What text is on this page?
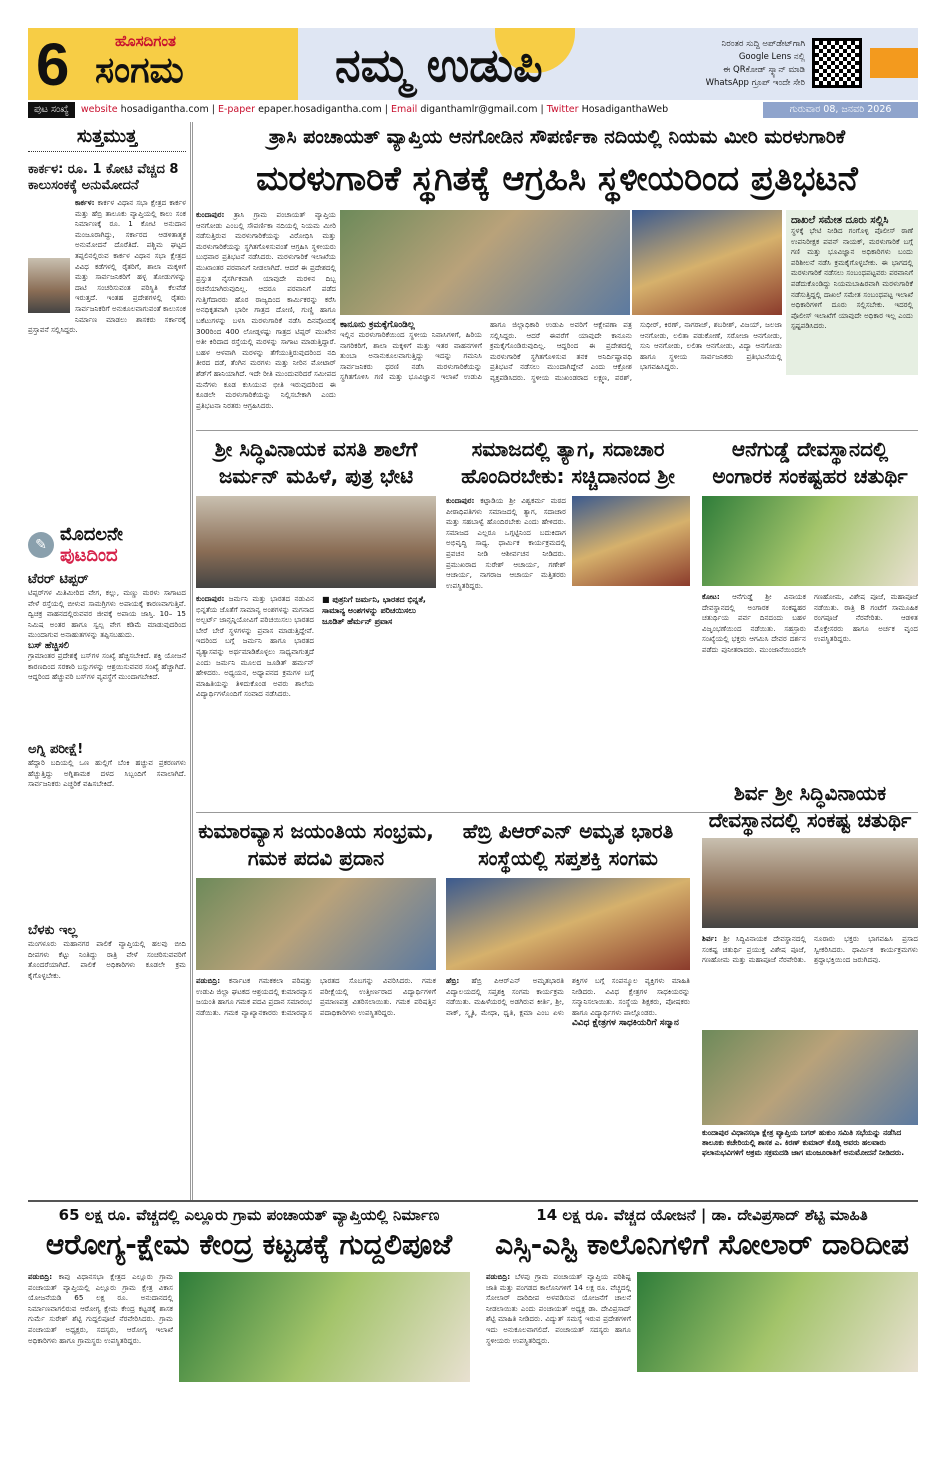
6	ಹೊಸದಿಗಂತ
ಸಂಗಮ	ನಮ್ಮ ಉಡುಪಿ	ನಿರಂತರ ಸುದ್ದಿ ಅಪ್‌ಡೇಟ್‌ಗಾಗಿ
Google Lens ನಲ್ಲಿ
ಈ QRಕೋಡ್ ಸ್ಕ್ಯಾನ್ ಮಾಡಿ
WhatsApp ಗ್ರೂಪ್ ಇಂದೇ ಸೇರಿ
ಪುಟ ಸಂಖ್ಯೆ	website hosadigantha.com | E-paper epaper.hosadigantha.com | Email diganthamlr@gmail.com | Twitter HosadiganthaWeb	ಗುರುವಾರ 08, ಜನವರಿ 2026
ಸುತ್ತಮುತ್ತ
ಕಾರ್ಕಳ: ರೂ. 1 ಕೋಟಿ ವೆಚ್ಚದ 8 ಕಾಲುಸಂಕಕ್ಕೆ ಅನುಮೋದನೆ
ಕಾರ್ಕಳ: ಕಾರ್ಕಳ ವಿಧಾನ ಸಭಾ ಕ್ಷೇತ್ರದ ಕಾರ್ಕಳ ಮತ್ತು ಹೆಬ್ರಿ ತಾಲೂಕು ವ್ಯಾಪ್ತಿಯಲ್ಲಿ ಕಾಲು ಸಂಕ ನಿರ್ಮಾಣಕ್ಕೆ ರೂ. 1 ಕೋಟಿ ಅನುದಾನ ಮಂಜೂರಾಗಿದ್ದು, ಸರ್ಕಾರದ ಆಡಳಿತಾತ್ಮಕ ಅನುಮೋದನೆ ದೊರೆತಿದೆ. ಪಶ್ಚಿಮ ಘಟ್ಟದ ತಪ್ಪಲಿನಲ್ಲಿರುವ ಕಾರ್ಕಳ ವಿಧಾನ ಸಭಾ ಕ್ಷೇತ್ರದ ವಿವಿಧ ಕಡೆಗಳಲ್ಲಿ ರೈತರಿಗೆ, ಶಾಲಾ ಮಕ್ಕಳಿಗೆ ಮತ್ತು ಸಾರ್ವಜನಿಕರಿಗೆ ಹಳ್ಳ ತೋಡುಗಳನ್ನು ದಾಟಿ ಸಂಚರಿಸುವಂತ ಪರಿಸ್ಥಿತಿ ಕೆಲವೆಡೆ ಇರುತ್ತದೆ. ಇಂತಹ ಪ್ರದೇಶಗಳಲ್ಲಿ ರೈತರು ಸಾರ್ವಜನಿಕರಿಗೆ ಅನುಕೂಲವಾಗುವಂತೆ ಕಾಲುಸಂಕ ನಿರ್ಮಾಣ ಮಾಡಲು ಶಾಸಕರು ಸರ್ಕಾರಕ್ಕೆ ಪ್ರಸ್ತಾವನೆ ಸಲ್ಲಿಸಿದ್ದರು.
✎ ಮೊದಲನೇ
ಪುಟದಿಂದ
ಟೆರರ್ ಟಿಪ್ಪರ್
ಟಿಪ್ಪರ್‌ಗಳ ಮಿತಿಮೀರಿದ ವೇಗ, ಕಲ್ಲು, ಮಣ್ಣು ಮರಳು ಸಾಗಾಟದ ವೇಳೆ ರಸ್ತೆಯಲ್ಲಿ ಬೀಳುವ ಸಾಮಗ್ರಿಗಳು ಅಪಾಯಕ್ಕೆ ಕಾರಣವಾಗುತ್ತಿವೆ. ದ್ವಿಚಕ್ರ ವಾಹನದಲ್ಲಿರುವವರ ಜೀವಕ್ಕೆ ಅಪಾಯ ಜಾಸ್ತಿ. 10– 15 ನಿಮಿಷ ಅಂತರ ಹಾಗೂ ಸ್ವಲ್ಪ ವೇಗ ಕಡಿಮೆ ಮಾಡುವುದರಿಂದ ಮುಂದಾಗುವ ಅನಾಹುತಗಳನ್ನು ತಪ್ಪಿಸಬಹುದು.
ಬಸ್ ಹೆಚ್ಚಿಸಲಿ
ಗ್ರಾಮಾಂತರ ಪ್ರದೇಶಕ್ಕೆ ಬಸ್‌ಗಳ ಸಂಖ್ಯೆ ಹೆಚ್ಚಿಸಬೇಕಿದೆ. ಶಕ್ತಿ ಯೋಜನೆ ಕಾರಣದಿಂದ ಸರಕಾರಿ ಬಸ್ಸುಗಳನ್ನು ಆಶ್ರಯಿಸುವವರ ಸಂಖ್ಯೆ ಹೆಚ್ಚಾಗಿದೆ. ಆದ್ದರಿಂದ ಹೆಚ್ಚುವರಿ ಬಸ್‌ಗಳ ವ್ಯವಸ್ಥೆಗೆ ಮುಂದಾಗಬೇಕಿದೆ.
ಅಗ್ನಿ ಪರೀಕ್ಷೆ!
ಹೆದ್ದಾರಿ ಬದಿಯಲ್ಲಿ ಒಣ ಹುಲ್ಲಿಗೆ ಬೆಂಕಿ ಹಚ್ಚುವ ಪ್ರಕರಣಗಳು ಹೆಚ್ಚುತ್ತಿದ್ದು ಅಗ್ನಿಶಾಮಕ ದಳದ ಸಿಬ್ಬಂದಿಗೆ ಸವಾಲಾಗಿದೆ. ಸಾರ್ವಜನಿಕರು ಎಚ್ಚರಿಕೆ ವಹಿಸಬೇಕಿದೆ.
ಬೆಳಕು ಇಲ್ಲ
ಮಂಗಳೂರು ಮಹಾನಗರ ಪಾಲಿಕೆ ವ್ಯಾಪ್ತಿಯಲ್ಲಿ ಹಲವು ಬೀದಿ ದೀಪಗಳು ಕೆಟ್ಟು ನಿಂತಿದ್ದು ರಾತ್ರಿ ವೇಳೆ ಸಂಚರಿಸುವವರಿಗೆ ತೊಂದರೆಯಾಗಿದೆ. ಪಾಲಿಕೆ ಅಧಿಕಾರಿಗಳು ಕೂಡಲೇ ಕ್ರಮ ಕೈಗೊಳ್ಳಬೇಕು.
ತ್ರಾಸಿ ಪಂಚಾಯತ್ ವ್ಯಾಪ್ತಿಯ ಆನಗೋಡಿನ ಸೌಪರ್ಣಿಕಾ ನದಿಯಲ್ಲಿ ನಿಯಮ ಮೀರಿ ಮರಳುಗಾರಿಕೆ
ಮರಳುಗಾರಿಕೆ ಸ್ಥಗಿತಕ್ಕೆ ಆಗ್ರಹಿಸಿ ಸ್ಥಳೀಯರಿಂದ ಪ್ರತಿಭಟನೆ
ಕುಂದಾಪುರ: ತ್ರಾಸಿ ಗ್ರಾಮ ಪಂಚಾಯತ್ ವ್ಯಾಪ್ತಿಯ ಆನಗೋಡು ಎಂಬಲ್ಲಿ ಸೌಪರ್ಣಿಕಾ ನದಿಯಲ್ಲಿ ನಿಯಮ ಮೀರಿ ನಡೆಸುತ್ತಿರುವ ಮರಳುಗಾರಿಕೆಯನ್ನು ವಿರೋಧಿಸಿ ಮತ್ತು ಮರಳುಗಾರಿಕೆಯನ್ನು ಸ್ಥಗಿತಗೊಳಿಸುವಂತೆ ಆಗ್ರಹಿಸಿ ಸ್ಥಳೀಯರು ಬುಧವಾರ ಪ್ರತಿಭಟನೆ ನಡೆಸಿದರು. ಮರಳುಗಾರಿಕೆ ಇಲಾಖೆಯ ಮುಖಾಂತರ ಪರವಾನಿಗೆ ನೀಡಲಾಗಿದೆ. ಆದರೆ ಈ ಪ್ರದೇಶದಲ್ಲಿ ಪ್ರಸ್ತುತ ನೈಸರ್ಗಿಕವಾಗಿ ಯಾವುದೇ ಮರಳಿನ ದಿಬ್ಬ ರಚನೆಯಾಗಿರುವುದಿಲ್ಲ. ಆದರೂ ಪರವಾನಿಗೆ ಪಡೆದ ಗುತ್ತಿಗೆದಾರರು ಹೊರ ರಾಜ್ಯದಿಂದ ಕಾರ್ಮಿಕರನ್ನು ಕರೆಸಿ ಅನಧಿಕೃತವಾಗಿ ಭಾರೀ ಗಾತ್ರದ ದೋಣಿ, ಗುಣ್ಣಿ ಹಾಗೂ ಬಕೆಟುಗಳನ್ನು ಬಳಸಿ ಮರಳುಗಾರಿಕೆ ನಡೆಸಿ ದಿನವೊಂದಕ್ಕೆ 300ರಿಂದ 400 ಲೋಡ್ಗಳಷ್ಟು ಗಾತ್ರದ ಟಿಪ್ಪರ್ ಮುಖೇನ ಅತೀ ಕಿರಿದಾದ ರಸ್ತೆಯಲ್ಲಿ ಮರಳನ್ನು ಸಾಗಾಟ ಮಾಡುತ್ತಿದ್ದಾರೆ. ಬಹಳ ಆಳವಾಗಿ ಮರಳನ್ನು ತೆಗೆಯುತ್ತಿರುವುದರಿಂದ ನದಿ ತೀರದ ದಡೆ, ತೆಂಗಿನ ಮರಗಳು ಮತ್ತು ನೀರಿನ ಮೋಟಾರ್ ಶೆಡ್‌ಗೆ ಹಾನಿಯಾಗಿದೆ. ಇದೇ ರೀತಿ ಮುಂದುವರಿದರೆ ಸಮೀಪದ ಮನೆಗಳು ಕೂಡ ಕುಸಿಯುವ ಭೀತಿ ಇರುವುದರಿಂದ ಈ ಕೂಡಲೇ ಮರಳುಗಾರಿಕೆಯನ್ನು ನಿಲ್ಲಿಸಬೇಕಾಗಿ ಎಂದು ಪ್ರತಿಭಟನಾ ನಿರತರು ಆಗ್ರಹಿಸಿದರು.
ಕಾನೂನು ಕ್ರಮಕ್ಕೆಗೊಂಡಿಲ್ಲ
ಇಲ್ಲಿನ ಮರಳುಗಾರಿಕೆಯಿಂದ ಸ್ಥಳೀಯ ನಿವಾಸಿಗಳಿಗೆ, ಹಿರಿಯ ನಾಗರಿಕರಿಗೆ, ಶಾಲಾ ಮಕ್ಕಳಿಗೆ ಮತ್ತು ಇತರ ವಾಹನಗಳಿಗೆ ತುಂಬಾ ಅನಾನುಕೂಲವಾಗುತ್ತಿದ್ದು ಇದನ್ನು ಗಮನಿಸಿ ಸಾರ್ವಜನಿಕರು ಧರಣಿ ನಡೆಸಿ ಮರಳುಗಾರಿಕೆಯನ್ನು ಸ್ಥಗಿತಗೊಳಿಸಿ ಗಣಿ ಮತ್ತು ಭೂವಿಜ್ಞಾನ ಇಲಾಖೆ ಉಡುಪಿ ಹಾಗೂ ಜಿಲ್ಲಾಧಿಕಾರಿ ಉಡುಪಿ ಅವರಿಗೆ ಆಕ್ಷೇಪಣಾ ಪತ್ರ ಸಲ್ಲಿಸಿದ್ದರು. ಆದರೆ ಈವರೆಗೆ ಯಾವುದೇ ಕಾನೂನು ಕ್ರಮಕೈಗೊಂಡಿರುವುದಿಲ್ಲ. ಆದ್ದರಿಂದ ಈ ಪ್ರದೇಶದಲ್ಲಿ ಮರಳುಗಾರಿಕೆ ಸ್ಥಗಿತಗೊಳಿಸುವ ತನಕ ಅನಿರ್ದಿಷ್ಟಾವಧಿ ಪ್ರತಿಭಟನೆ ನಡೆಸಲು ಮುಂದಾಗಿದ್ದೇವೆ ಎಂದು ಆಕ್ರೋಶ ವ್ಯಕ್ತಪಡಿಸಿದರು. ಸ್ಥಳೀಯ ಮುಖಂಡರಾದ ಲಕ್ಷ್ಮಣ, ಪರಶ್, ಸುಧೀರ್, ಕಿರಣ್, ನಾಗರಾಜ್, ಶಬರೀಶ್, ವಿಜಯ್, ಜಲಜಾ ಆನಗೋಡು, ಲಲಿತಾ ಪಡುಕೋಣೆ, ಸರೋಜಾ ಆನಗೋಡು, ಸುನಿ ಆನಗೋಡು, ಲಲಿತಾ ಆನಗೋಡು, ವಿದ್ಯಾ ಆನಗೋಡು ಹಾಗೂ ಸ್ಥಳೀಯ ಸಾರ್ವಜನಿಕರು ಪ್ರತಿಭಟನೆಯಲ್ಲಿ ಭಾಗವಹಿಸಿದ್ದರು.
ದಾಖಲೆ ಸಮೇತ ದೂರು ಸಲ್ಲಿಸಿ
ಸ್ಥಳಕ್ಕೆ ಭೇಟಿ ನೀಡಿದ ಗಂಗೊಳ್ಳಿ ಪೊಲೀಸ್ ಠಾಣೆ ಉಪನಿರೀಕ್ಷಕ ಪವನ್ ನಾಯಕ್, ಮರಳುಗಾರಿಕೆ ಬಗ್ಗೆ ಗಣಿ ಮತ್ತು ಭೂವಿಜ್ಞಾನ ಅಧಿಕಾರಿಗಳು ಬಂದು ಪರಿಶೀಲನೆ ನಡೆಸಿ ಕ್ರಮಕೈಗೊಳ್ಳಬೇಕು. ಈ ಭಾಗದಲ್ಲಿ ಮರಳುಗಾರಿಕೆ ನಡೆಸಲು ಸಂಬಂಧಪಟ್ಟವರು ಪರವಾನಿಗೆ ಪಡೆದುಕೊಂಡಿದ್ದು ನಿಯಮಬಾಹಿರವಾಗಿ ಮರಳುಗಾರಿಕೆ ನಡೆಸುತ್ತಿದ್ದಲ್ಲಿ ದಾಖಲೆ ಸಮೇತ ಸಂಬಂಧಪಟ್ಟ ಇಲಾಖೆ ಅಧಿಕಾರಿಗಳಿಗೆ ದೂರು ಸಲ್ಲಿಸಬೇಕು. ಇದರಲ್ಲಿ ಪೊಲೀಸ್ ಇಲಾಖೆಗೆ ಯಾವುದೇ ಅಧಿಕಾರ ಇಲ್ಲ ಎಂದು ಸ್ಪಷ್ಟಪಡಿಸಿದರು.
ಶ್ರೀ ಸಿದ್ಧಿವಿನಾಯಕ ವಸತಿ ಶಾಲೆಗೆ ಜರ್ಮನ್ ಮಹಿಳೆ, ಪುತ್ರ ಭೇಟಿ
ಕುಂದಾಪುರ: ಜರ್ಮನಿ ಮತ್ತು ಭಾರತದ ನಡುವಿನ ಭಿನ್ನತೆಯ ಜೊತೆಗೆ ಸಾಮಾನ್ಯ ಅಂಶಗಳನ್ನು ಮಗನಾದ ಅಲ್ಬರ್ಟ್ ಜಾನ್ಸನ್ನಿಯೋವಿಗೆ ಪರಿಚಯಿಸಲು ಭಾರತದ ಬೇರೆ ಬೇರೆ ಸ್ಥಳಗಳನ್ನು ಪ್ರವಾಸ ಮಾಡುತ್ತಿದ್ದೇವೆ. ಇದರಿಂದ ಬಗ್ಗೆ ಜರ್ಮನಿ ಹಾಗೂ ಭಾರತದ ವ್ಯತ್ಯಾಸವನ್ನು ಅರ್ಥಮಾಡಿಕೊಳ್ಳಲು ಸಾಧ್ಯವಾಗುತ್ತದೆ ಎಂದು ಜರ್ಮನಿ ಮೂಲದ ಜೂಡಿತ್ ಹರ್ಮನ್ ಹೇಳಿದರು. ಅಧ್ಯಯನ, ಅಧ್ಯಾಪನದ ಕ್ರಮಗಳ ಬಗ್ಗೆ ಮಾಹಿತಿಯನ್ನು ತಿಳಿದುಕೊಂಡ ಅವರು ಶಾಲೆಯ ವಿದ್ಯಾರ್ಥಿಗಳೊಂದಿಗೆ ಸಂವಾದ ನಡೆಸಿದರು.
■ ಪುತ್ರನಿಗೆ ಜರ್ಮನಿ, ಭಾರತದ ಭಿನ್ನತೆ, ಸಾಮಾನ್ಯ ಅಂಶಗಳನ್ನು ಪರಿಚಯಿಸಲು ಜೂಡಿತ್ ಹೆರ್ಮನ್ ಪ್ರವಾಸ
ಸಮಾಜದಲ್ಲಿ ತ್ಯಾಗ, ಸದಾಚಾರ ಹೊಂದಿರಬೇಕು: ಸಚ್ಚಿದಾನಂದ ಶ್ರೀ
ಕುಂದಾಪುರ: ಕಟ್ಪಾಡಿಯ ಶ್ರೀ ವಿಶ್ವಕರ್ಮ ಮಠದ ಪೀಠಾಧಿಪತಿಗಳು ಸಮಾಜದಲ್ಲಿ ತ್ಯಾಗ, ಸದಾಚಾರ ಮತ್ತು ಸಹಬಾಳ್ವೆ ಹೊಂದಿರಬೇಕು ಎಂದು ಹೇಳಿದರು. ಸಮಾಜದ ಎಲ್ಲರೂ ಒಗ್ಗಟ್ಟಿನಿಂದ ಬದುಕಿದಾಗ ಅಭಿವೃದ್ಧಿ ಸಾಧ್ಯ. ಧಾರ್ಮಿಕ ಕಾರ್ಯಕ್ರಮದಲ್ಲಿ ಪ್ರವಚನ ನೀಡಿ ಆಶೀರ್ವಚನ ನೀಡಿದರು. ಪ್ರಮುಖರಾದ ಸುರೇಶ್ ಆಚಾರ್ಯ, ಗಣೇಶ್ ಆಚಾರ್ಯ, ನಾಗರಾಜ ಆಚಾರ್ಯ ಮತ್ತಿತರರು ಉಪಸ್ಥಿತರಿದ್ದರು.
ಆನೆಗುಡ್ಡೆ ದೇವಸ್ಥಾನದಲ್ಲಿ ಅಂಗಾರಕ ಸಂಕಷ್ಟಹರ ಚತುರ್ಥಿ
ಕೋಟ: ಆನೆಗುಡ್ಡೆ ಶ್ರೀ ವಿನಾಯಕ ದೇವಸ್ಥಾನದಲ್ಲಿ ಅಂಗಾರಕ ಸಂಕಷ್ಟಹರ ಚತುರ್ಥಿಯ ಪರ್ವ ದಿನದಂದು ಬಹಳ ವಿಜೃಂಭಣೆಯಿಂದ ನಡೆಯಿತು. ಸಹಸ್ರಾರು ಸಂಖ್ಯೆಯಲ್ಲಿ ಭಕ್ತರು ಆಗಮಿಸಿ ದೇವರ ದರ್ಶನ ಪಡೆದು ಪುನೀತರಾದರು. ಮುಂಜಾನೆಯಿಂದಲೇ ಗಣಹೋಮ, ವಿಶೇಷ ಪೂಜೆ, ಮಹಾಪೂಜೆ ನಡೆಯಿತು. ರಾತ್ರಿ 8 ಗಂಟೆಗೆ ಸಾಮೂಹಿಕ ರಂಗಪೂಜೆ ನೆರವೇರಿತು. ಆಡಳಿತ ಮೊಕ್ತೇಸರರು ಹಾಗೂ ಅರ್ಚಕ ವೃಂದ ಉಪಸ್ಥಿತರಿದ್ದರು.
ಕುಮಾರವ್ಯಾಸ ಜಯಂತಿಯ ಸಂಭ್ರಮ, ಗಮಕ ಪದವಿ ಪ್ರದಾನ
ಪಡುಬಿದ್ರಿ: ಕರ್ನಾಟಕ ಗಮಕಕಲಾ ಪರಿಷತ್ತು ಉಡುಪಿ ಜಿಲ್ಲಾ ಘಟಕದ ಆಶ್ರಯದಲ್ಲಿ ಕುಮಾರವ್ಯಾಸ ಜಯಂತಿ ಹಾಗೂ ಗಮಕ ಪದವಿ ಪ್ರದಾನ ಸಮಾರಂಭ ನಡೆಯಿತು. ಗಮಕ ವ್ಯಾಖ್ಯಾನಕಾರರು ಕುಮಾರವ್ಯಾಸ ಭಾರತದ ಸೊಬಗನ್ನು ವಿವರಿಸಿದರು. ಗಮಕ ಪರೀಕ್ಷೆಯಲ್ಲಿ ಉತ್ತೀರ್ಣರಾದ ವಿದ್ಯಾರ್ಥಿಗಳಿಗೆ ಪ್ರಮಾಣಪತ್ರ ವಿತರಿಸಲಾಯಿತು. ಗಮಕ ಪರಿಷತ್ತಿನ ಪದಾಧಿಕಾರಿಗಳು ಉಪಸ್ಥಿತರಿದ್ದರು.
ಹೆಬ್ರಿ ಪಿಆರ್‌ಎನ್ ಅಮೃತ ಭಾರತಿ ಸಂಸ್ಥೆಯಲ್ಲಿ ಸಪ್ತಶಕ್ತಿ ಸಂಗಮ
ಹೆಬ್ರಿ: ಹೆಬ್ರಿ ಪಿಆರ್‌ಎನ್ ಅಮೃತಭಾರತಿ ವಿದ್ಯಾಲಯದಲ್ಲಿ ಸಪ್ತಶಕ್ತಿ ಸಂಗಮ ಕಾರ್ಯಕ್ರಮ ನಡೆಯಿತು. ಮಹಿಳೆಯರಲ್ಲಿ ಅಡಗಿರುವ ಕೀರ್ತಿ, ಶ್ರೀ, ವಾಕ್, ಸ್ಮೃತಿ, ಮೇಧಾ, ಧೃತಿ, ಕ್ಷಮಾ ಎಂಬ ಏಳು ಶಕ್ತಿಗಳ ಬಗ್ಗೆ ಸಂಪನ್ಮೂಲ ವ್ಯಕ್ತಿಗಳು ಮಾಹಿತಿ ನೀಡಿದರು. ವಿವಿಧ ಕ್ಷೇತ್ರಗಳ ಸಾಧಕಿಯರನ್ನು ಸನ್ಮಾನಿಸಲಾಯಿತು. ಸಂಸ್ಥೆಯ ಶಿಕ್ಷಕರು, ಪೋಷಕರು ಹಾಗೂ ವಿದ್ಯಾರ್ಥಿಗಳು ಪಾಲ್ಗೊಂಡರು.
ವಿವಿಧ ಕ್ಷೇತ್ರಗಳ ಸಾಧಕಿಯರಿಗೆ ಸನ್ಮಾನ
ಶಿರ್ವ ಶ್ರೀ ಸಿದ್ಧಿವಿನಾಯಕ ದೇವಸ್ಥಾನದಲ್ಲಿ ಸಂಕಷ್ಟ ಚತುರ್ಥಿ
ಶಿರ್ವ: ಶ್ರೀ ಸಿದ್ಧಿವಿನಾಯಕ ದೇವಸ್ಥಾನದಲ್ಲಿ ಸಂಕಷ್ಟ ಚತುರ್ಥಿ ಪ್ರಯುಕ್ತ ವಿಶೇಷ ಪೂಜೆ, ಗಣಹೋಮ ಮತ್ತು ಮಹಾಪೂಜೆ ನೆರವೇರಿತು. ನೂರಾರು ಭಕ್ತರು ಭಾಗವಹಿಸಿ ಪ್ರಸಾದ ಸ್ವೀಕರಿಸಿದರು. ಧಾರ್ಮಿಕ ಕಾರ್ಯಕ್ರಮಗಳು ಶ್ರದ್ಧಾಭಕ್ತಿಯಿಂದ ಜರುಗಿದವು.
ಕುಂದಾಪುರ ವಿಧಾನಸಭಾ ಕ್ಷೇತ್ರ ವ್ಯಾಪ್ತಿಯ ಬಗರ್ ಹುಕುಂ ಸಮಿತಿ ಸಭೆಯನ್ನು ನಡೆಸಿದ ತಾಲೂಕು ಕಚೇರಿಯಲ್ಲಿ ಶಾಸಕ ಎ. ಕಿರಣ್ ಕುಮಾರ್ ಕೊಡ್ಗಿ ಅವರು ಹಲವಾರು ಫಲಾನುಭವಿಗಳಿಗೆ ಅಕ್ರಮ ಸಕ್ರಮದಡಿ ಜಾಗ ಮಂಜೂರಾತಿಗೆ ಅನುಮೋದನೆ ನೀಡಿದರು.
65 ಲಕ್ಷ ರೂ. ವೆಚ್ಚದಲ್ಲಿ ಎಲ್ಲೂರು ಗ್ರಾಮ ಪಂಚಾಯತ್ ವ್ಯಾಪ್ತಿಯಲ್ಲಿ ನಿರ್ಮಾಣ
ಆರೋಗ್ಯ-ಕ್ಷೇಮ ಕೇಂದ್ರ ಕಟ್ಟಡಕ್ಕೆ ಗುದ್ದಲಿಪೂಜೆ
ಪಡುಬಿದ್ರಿ: ಕಾಪು ವಿಧಾನಸಭಾ ಕ್ಷೇತ್ರದ ಎಲ್ಲೂರು ಗ್ರಾಮ ಪಂಚಾಯತ್ ವ್ಯಾಪ್ತಿಯಲ್ಲಿ ಎಲ್ಲೂರು ಗ್ರಾಮ ಕ್ಷೇತ್ರ ವಿಕಾಸ ಯೋಜನೆಯಡಿ 65 ಲಕ್ಷ ರೂ. ಅನುದಾನದಲ್ಲಿ ನಿರ್ಮಾಣವಾಗಲಿರುವ ಆರೋಗ್ಯ ಕ್ಷೇಮ ಕೇಂದ್ರ ಕಟ್ಟಡಕ್ಕೆ ಶಾಸಕ ಗುರ್ಮೆ ಸುರೇಶ್ ಶೆಟ್ಟಿ ಗುದ್ದಲಿಪೂಜೆ ನೆರವೇರಿಸಿದರು. ಗ್ರಾಮ ಪಂಚಾಯತ್ ಅಧ್ಯಕ್ಷರು, ಸದಸ್ಯರು, ಆರೋಗ್ಯ ಇಲಾಖೆ ಅಧಿಕಾರಿಗಳು ಹಾಗೂ ಗ್ರಾಮಸ್ಥರು ಉಪಸ್ಥಿತರಿದ್ದರು.
14 ಲಕ್ಷ ರೂ. ವೆಚ್ಚದ ಯೋಜನೆ | ಡಾ. ದೇವಿಪ್ರಸಾದ್ ಶೆಟ್ಟಿ ಮಾಹಿತಿ
ಎಸ್ಸಿ-ಎಸ್ಟಿ ಕಾಲೊನಿಗಳಿಗೆ ಸೋಲಾರ್ ದಾರಿದೀಪ
ಪಡುಬಿದ್ರಿ: ಬೆಳಪು ಗ್ರಾಮ ಪಂಚಾಯತ್ ವ್ಯಾಪ್ತಿಯ ಪರಿಶಿಷ್ಟ ಜಾತಿ ಮತ್ತು ಪಂಗಡದ ಕಾಲೊನಿಗಳಿಗೆ 14 ಲಕ್ಷ ರೂ. ವೆಚ್ಚದಲ್ಲಿ ಸೋಲಾರ್ ದಾರಿದೀಪ ಅಳವಡಿಸುವ ಯೋಜನೆಗೆ ಚಾಲನೆ ನೀಡಲಾಯಿತು ಎಂದು ಪಂಚಾಯತ್ ಅಧ್ಯಕ್ಷ ಡಾ. ದೇವಿಪ್ರಸಾದ್ ಶೆಟ್ಟಿ ಮಾಹಿತಿ ನೀಡಿದರು. ವಿದ್ಯುತ್ ಸಮಸ್ಯೆ ಇರುವ ಪ್ರದೇಶಗಳಿಗೆ ಇದು ಅನುಕೂಲವಾಗಲಿದೆ. ಪಂಚಾಯತ್ ಸದಸ್ಯರು ಹಾಗೂ ಸ್ಥಳೀಯರು ಉಪಸ್ಥಿತರಿದ್ದರು.
